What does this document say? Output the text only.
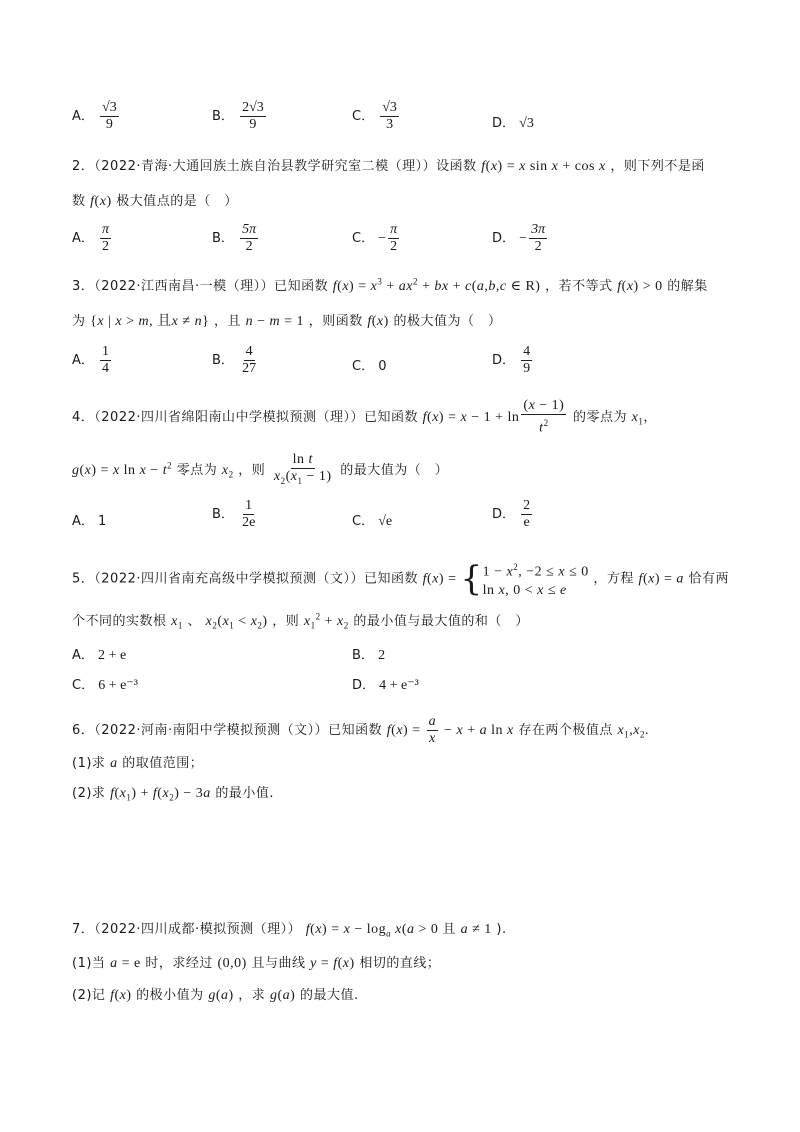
A． $\frac{√3}{9}$	B． $\frac{2√3}{9}$	C． $\frac{√3}{3}$	D． √3
2．（2022·青海·大通回族土族自治县教学研究室二模（理））设函数 f(x) = x sin x + cos x ，则下列不是函
数 f(x) 极大值点的是（　）
A． $\frac{\pi}{2}$	B． $\frac{5\pi}{2}$	C． − $\frac{\pi}{2}$	D． − $\frac{3\pi}{2}$
3．（2022·江西南昌·一模（理））已知函数 $f(x) = x^3 + ax^2$ + bx + c(a,b,c ∈ R) ，若不等式 f(x) > 0 的解集
为 {x | x > m, 且x ≠ n} ，且 n − m = 1 ，则函数 f(x) 的极大值为（　）
A． $\frac{1}{4}$	B． $\frac{4}{27}$	C． 0	D． $\frac{4}{9}$
4．（2022·四川省绵阳南山中学模拟预测（理））已知函数 $f(x) = x - 1 + \ln \frac{(x - 1)}{t^2}$ 的零点为 $x_1$，
g(x) = x $\ln x - t^2$ 零点为 $x_2$ ，则 $\frac{\text{ln t}}{x_2(x_1 - 1)}$ 的最大值为（　）
A． 1	B． $\frac{1}{2e}$	C． √e	D． $\frac{2}{e}$
5．（2022·四川省南充高级中学模拟预测（文））已知函数 f(x) = { $1 - x^2$, −2 ≤ x ≤ 0
ln x, 0 < x ≤ e
，方程 f(x) = a 恰有两
个不同的实数根 $x_1$ 、 $x_2(x_1 < x_2)$ ，则 $x_1^2 + x_2$ 的最小值与最大值的和（　）
A． 2 + e	B． 2
C． 6 + e⁻³	D． 4 + e⁻³
6．（2022·河南·南阳中学模拟预测（文））已知函数 $f(x) = \frac{a}{x} - x + a$ ln x 存在两个极值点 $x_1,x_2$.
(1)求 a 的取值范围；
(2)求 $f(x_1) + f(x_2) - 3a$ 的最小值.
7．（2022·四川成都·模拟预测（理）） $f(x) = x - \log_a x(a > 0$ 且 a ≠ 1 ).
(1)当 a = e 时，求经过 (0,0) 且与曲线 y = f(x) 相切的直线；
(2)记 f(x) 的极小值为 g(a) ，求 g(a) 的最大值.
